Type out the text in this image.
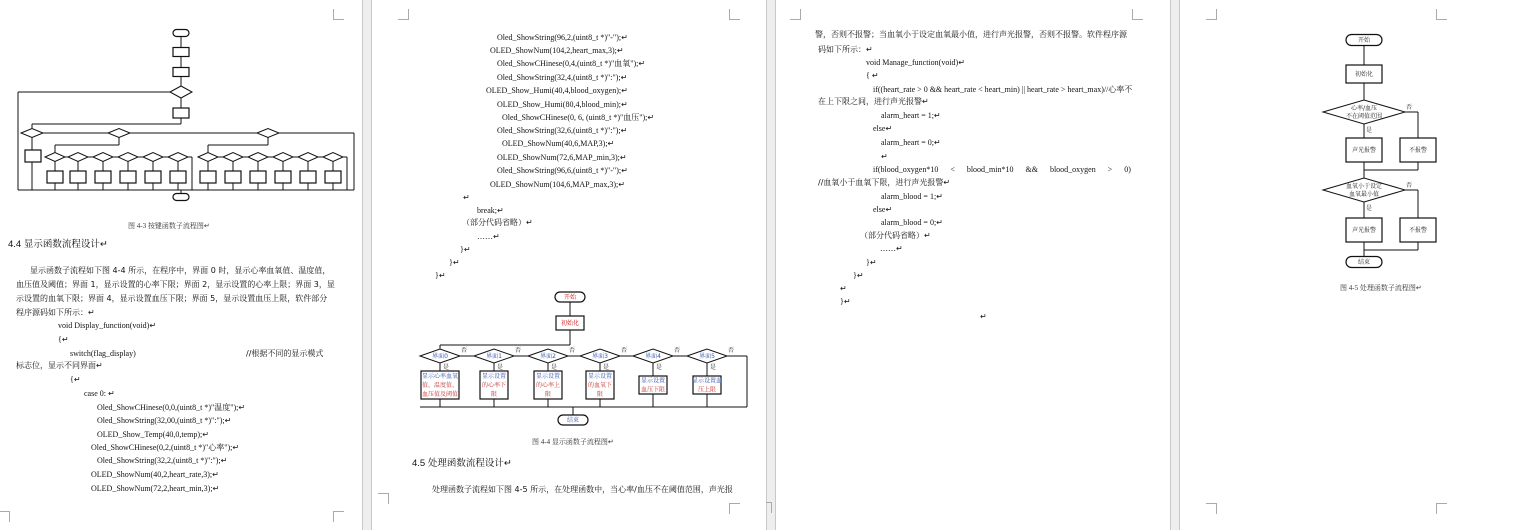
图 4-3 按键函数子流程图↵
4.4 显示函数流程设计↵
显示函数子流程如下图 4-4 所示，在程序中，界面 0 时，显示心率血氧值、温度值，
血压值及阈值；界面 1，显示设置的心率下限；界面 2，显示设置的心率上限；界面 3，显
示设置的血氧下限；界面 4，显示设置血压下限；界面 5，显示设置血压上限，软件部分
程序源码如下所示：↵
void Display_function(void)↵
{↵
switch(flag_display)	//根据不同的显示模式
标志位，显示不同界面↵
{↵
case 0: ↵
Oled_ShowCHinese(0,0,(uint8_t *)"温度");↵
Oled_ShowString(32,00,(uint8_t *)":");↵
OLED_Show_Temp(40,0,temp);↵
Oled_ShowCHinese(0,2,(uint8_t *)"心率");↵
Oled_ShowString(32,2,(uint8_t *)":");↵
OLED_ShowNum(40,2,heart_rate,3);↵
OLED_ShowNum(72,2,heart_min,3);↵
Oled_ShowString(96,2,(uint8_t *)"-");↵
OLED_ShowNum(104,2,heart_max,3);↵
Oled_ShowCHinese(0,4,(uint8_t *)"血氧");↵
Oled_ShowString(32,4,(uint8_t *)":");↵
OLED_Show_Humi(40,4,blood_oxygen);↵
OLED_Show_Humi(80,4,blood_min);↵
Oled_ShowCHinese(0, 6, (uint8_t *)"血压");↵
Oled_ShowString(32,6,(uint8_t *)":");↵
OLED_ShowNum(40,6,MAP,3);↵
OLED_ShowNum(72,6,MAP_min,3);↵
Oled_ShowString(96,6,(uint8_t *)"-");↵
OLED_ShowNum(104,6,MAP_max,3);↵
↵
break;↵
（部分代码省略）↵
……↵
}↵
}↵
}↵
开始
初始化
界面0
否
是
显示心率血氧
值、温度值、
血压值及阈值
界面1
否
是
显示设置
的心率下
限
界面2
否
是
显示设置
的心率上
限
界面3
否
是
显示设置
的血氧下
限
界面4
否
是
显示设置
血压下限
界面5
否
是
显示设置血
压上限
结束
图 4-4 显示函数子流程图↵
4.5 处理函数流程设计↵
处理函数子流程如下图 4-5 所示，在处理函数中，当心率/血压不在阈值范围，声光报
警，否则不报警；当血氧小于设定血氧最小值，进行声光报警，否则不报警。软件程序源
码如下所示：↵
void Manage_function(void)↵
{ ↵
if((heart_rate > 0 && heart_rate < heart_min) || heart_rate > heart_max)//心率不
在上下限之间，进行声光报警↵
alarm_heart = 1;↵
else↵
alarm_heart = 0;↵
↵
if(blood_oxygen*10      <      blood_min*10      &&      blood_oxygen      >      0)
//血氧小于血氧下限，进行声光报警↵
alarm_blood = 1;↵
else↵
alarm_blood = 0;↵
（部分代码省略）↵
……↵
}↵
}↵
↵
}↵
↵
开始
初始化
心率/血压
不在阈值范围
否
是
声光报警	不报警
血氧小于设定
血氧最小值
否
是
声光报警	不报警
结束
图 4-5 处理函数子流程图↵
